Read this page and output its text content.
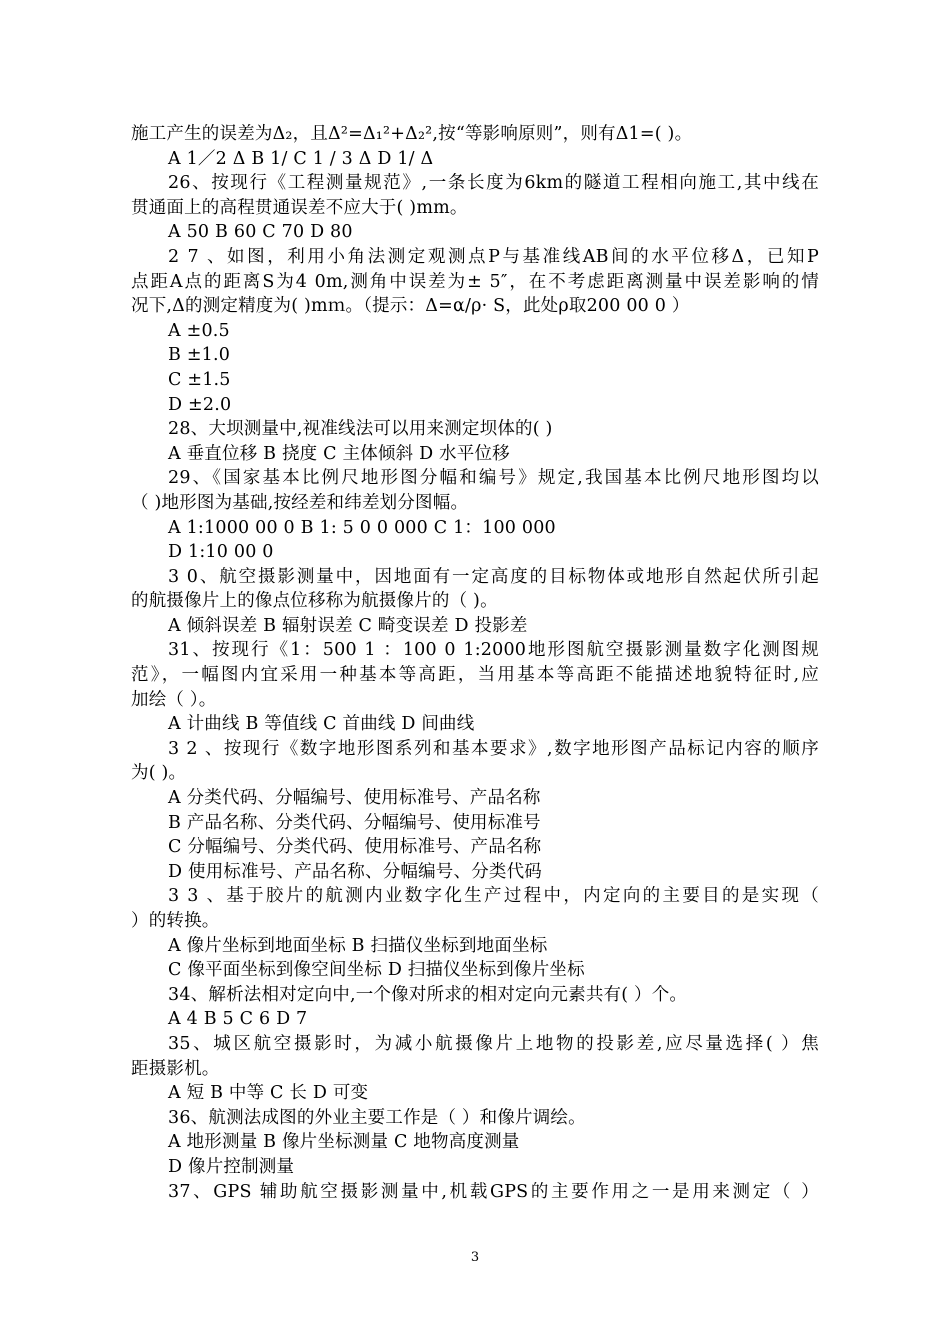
施工产生的误差为Δ₂，且Δ²=Δ₁²+Δ₂²,按“等影响原则”，则有Δ1=( )。
A 1／2 Δ B 1/ C 1 / 3 Δ D 1/ Δ
26、按现行《工程测量规范》,一条长度为6km的隧道工程相向施工,其中线在
贯通面上的高程贯通误差不应大于( )mm。
A 50 B 60 C 70 D 80
2 7 、如图，利用小角法测定观测点P与基准线AB间的水平位移Δ，已知P
点距A点的距离S为4 0m,测角中误差为± 5″，在不考虑距离测量中误差影响的情
况下,Δ的测定精度为( )mｍ。（提示：Δ=α/ρ· S，此处ρ取200 00 0 ）
A ±0.5
B ±1.0
C ±1.5
D ±2.0
28、大坝测量中,视准线法可以用来测定坝体的( )
A 垂直位移 B 挠度 C 主体倾斜 D 水平位移
29、《国家基本比例尺地形图分幅和编号》规定,我国基本比例尺地形图均以
（ )地形图为基础,按经差和纬差划分图幅。
A 1:1000 00 0 B 1: 5 0 0 000 C 1：100 000
D 1:10 00 0
3 0、航空摄影测量中，因地面有一定高度的目标物体或地形自然起伏所引起
的航摄像片上的像点位移称为航摄像片的（ )。
A 倾斜误差 B 辐射误差 C 畸变误差 D 投影差
31、按现行《1：500 1 ：100 0 1:2000地形图航空摄影测量数字化测图规
范》，一幅图内宜采用一种基本等高距，当用基本等高距不能描述地貌特征时,应
加绘（ ）。
A 计曲线 B 等值线 C 首曲线 D 间曲线
3 2 、按现行《数字地形图系列和基本要求》,数字地形图产品标记内容的顺序
为( )。
A 分类代码、分幅编号、使用标准号、产品名称
B 产品名称、分类代码、分幅编号、使用标准号
C 分幅编号、分类代码、使用标准号、产品名称
D 使用标准号、产品名称、分幅编号、分类代码
3 3 、基于胶片的航测内业数字化生产过程中，内定向的主要目的是实现（
）的转换。
A 像片坐标到地面坐标 B 扫描仪坐标到地面坐标
C 像平面坐标到像空间坐标 D 扫描仪坐标到像片坐标
34、解析法相对定向中,一个像对所求的相对定向元素共有( ）个。
A 4 B 5 C 6 D 7
35、城区航空摄影时，为减小航摄像片上地物的投影差,应尽量选择( ）焦
距摄影机。
A 短 B 中等 C 长 D 可变
36、航测法成图的外业主要工作是（ ）和像片调绘。
A 地形测量 B 像片坐标测量 C 地物高度测量
D 像片控制测量
37、GPS 辅助航空摄影测量中,机载GPS的主要作用之一是用来测定（ ）
3
